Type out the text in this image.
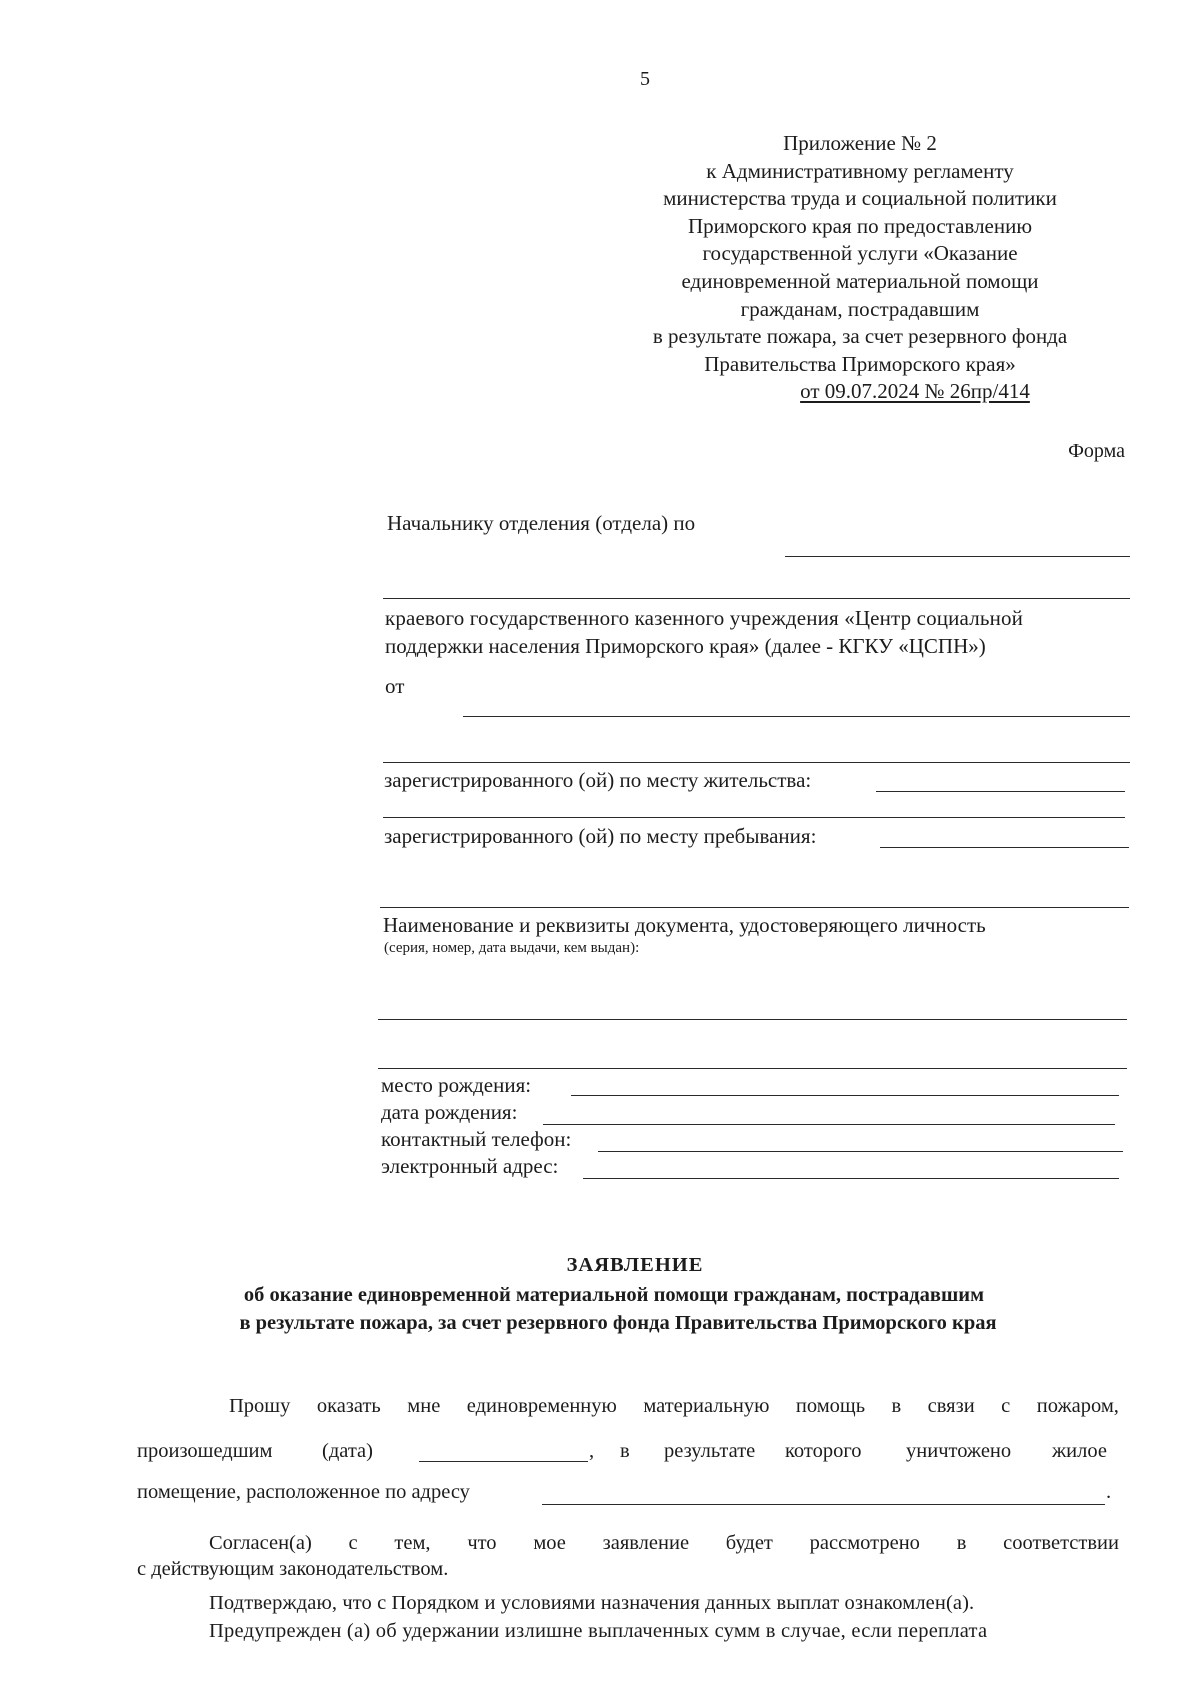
5
Приложение № 2
к Административному регламенту
министерства труда и социальной политики
Приморского края по предоставлению
государственной услуги «Оказание
единовременной материальной помощи
гражданам, пострадавшим
в результате пожара, за счет резервного фонда
Правительства Приморского края»
от 09.07.2024 № 26пр/414
Форма
Начальнику отделения (отдела) по
краевого государственного казенного учреждения «Центр социальной
поддержки населения Приморского края» (далее - КГКУ «ЦСПН»)
от
зарегистрированного (ой) по месту жительства:
зарегистрированного (ой) по месту пребывания:
Наименование и реквизиты документа, удостоверяющего личность
(серия, номер, дата выдачи, кем выдан):
место рождения:
дата рождения:
контактный телефон:
электронный адрес:
ЗАЯВЛЕНИЕ
об оказание единовременной материальной помощи гражданам, пострадавшим
в результате пожара, за счет резервного фонда Правительства Приморского края
Прошу оказать мне единовременную материальную помощь в связи с пожаром,
произошедшим (дата)	, в результате которого уничтожено жилое
помещение, расположенное по адресу	.
Согласен(а) с тем, что мое заявление будет рассмотрено в соответствии
с действующим законодательством.
Подтверждаю, что с Порядком и условиями назначения данных выплат ознакомлен(а).
Предупрежден (а) об удержании излишне выплаченных сумм в случае, если переплата
